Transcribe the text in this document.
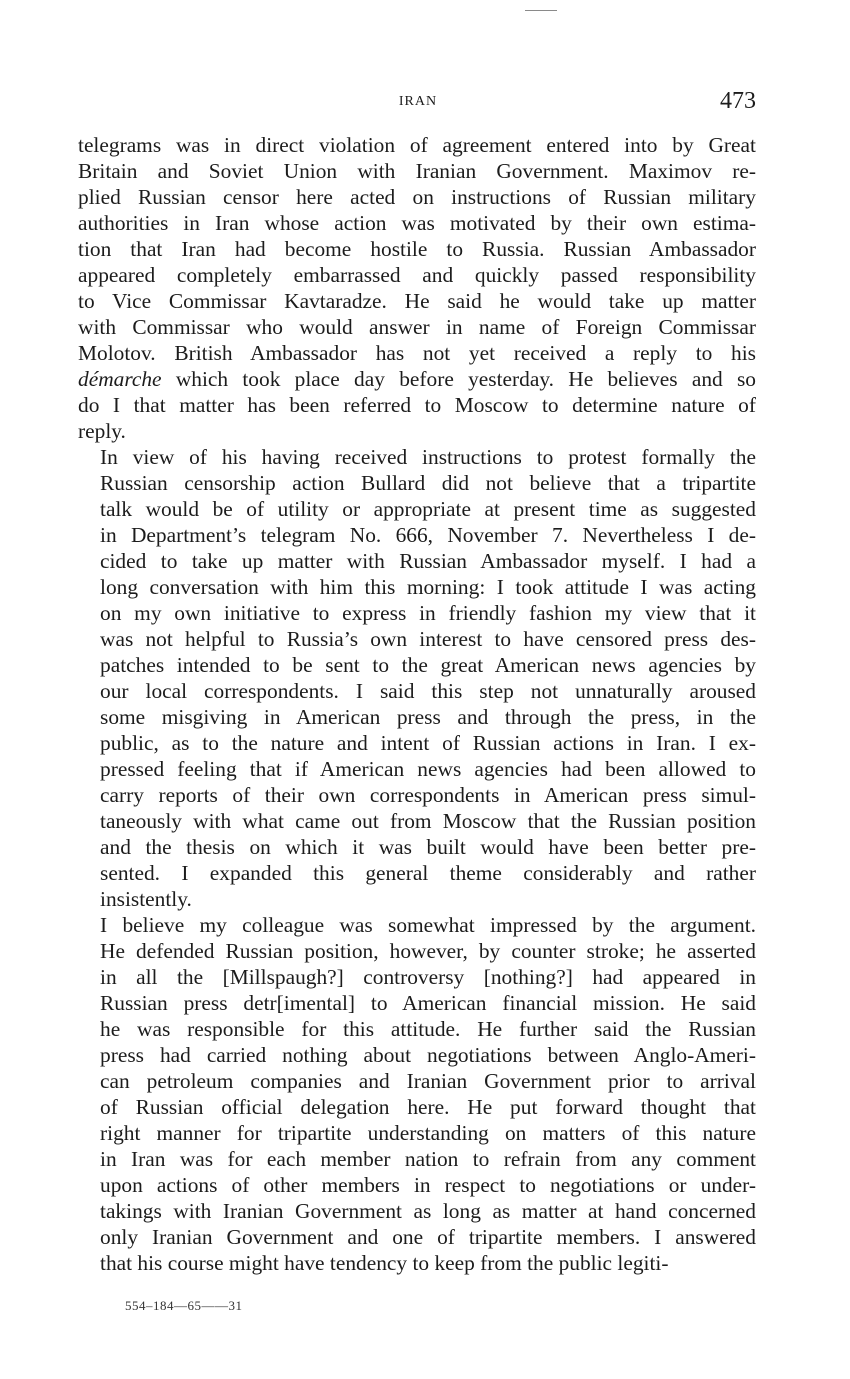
IRAN	473

telegrams was in direct violation of agreement entered into by Great
Britain and Soviet Union with Iranian Government. Maximov re-
plied Russian censor here acted on instructions of Russian military
authorities in Iran whose action was motivated by their own estima-
tion that Iran had become hostile to Russia. Russian Ambassador
appeared completely embarrassed and quickly passed responsibility
to Vice Commissar Kavtaradze. He said he would take up matter
with Commissar who would answer in name of Foreign Commissar
Molotov. British Ambassador has not yet received a reply to his
démarche which took place day before yesterday. He believes and so
do I that matter has been referred to Moscow to determine nature of
reply.

In view of his having received instructions to protest formally the
Russian censorship action Bullard did not believe that a tripartite
talk would be of utility or appropriate at present time as suggested
in Department’s telegram No. 666, November 7. Nevertheless I de-
cided to take up matter with Russian Ambassador myself. I had a
long conversation with him this morning: I took attitude I was acting
on my own initiative to express in friendly fashion my view that it
was not helpful to Russia’s own interest to have censored press des-
patches intended to be sent to the great American news agencies by
our local correspondents. I said this step not unnaturally aroused
some misgiving in American press and through the press, in the
public, as to the nature and intent of Russian actions in Iran. I ex-
pressed feeling that if American news agencies had been allowed to
carry reports of their own correspondents in American press simul-
taneously with what came out from Moscow that the Russian position
and the thesis on which it was built would have been better pre-
sented. I expanded this general theme considerably and rather
insistently.

I believe my colleague was somewhat impressed by the argument.
He defended Russian position, however, by counter stroke; he asserted
in all the [Millspaugh?] controversy [nothing?] had appeared in
Russian press detr[imental] to American financial mission. He said
he was responsible for this attitude. He further said the Russian
press had carried nothing about negotiations between Anglo-Ameri-
can petroleum companies and Iranian Government prior to arrival
of Russian official delegation here. He put forward thought that
right manner for tripartite understanding on matters of this nature
in Iran was for each member nation to refrain from any comment
upon actions of other members in respect to negotiations or under-
takings with Iranian Government as long as matter at hand concerned
only Iranian Government and one of tripartite members. I answered
that his course might have tendency to keep from the public legiti-

554–184—65——31
